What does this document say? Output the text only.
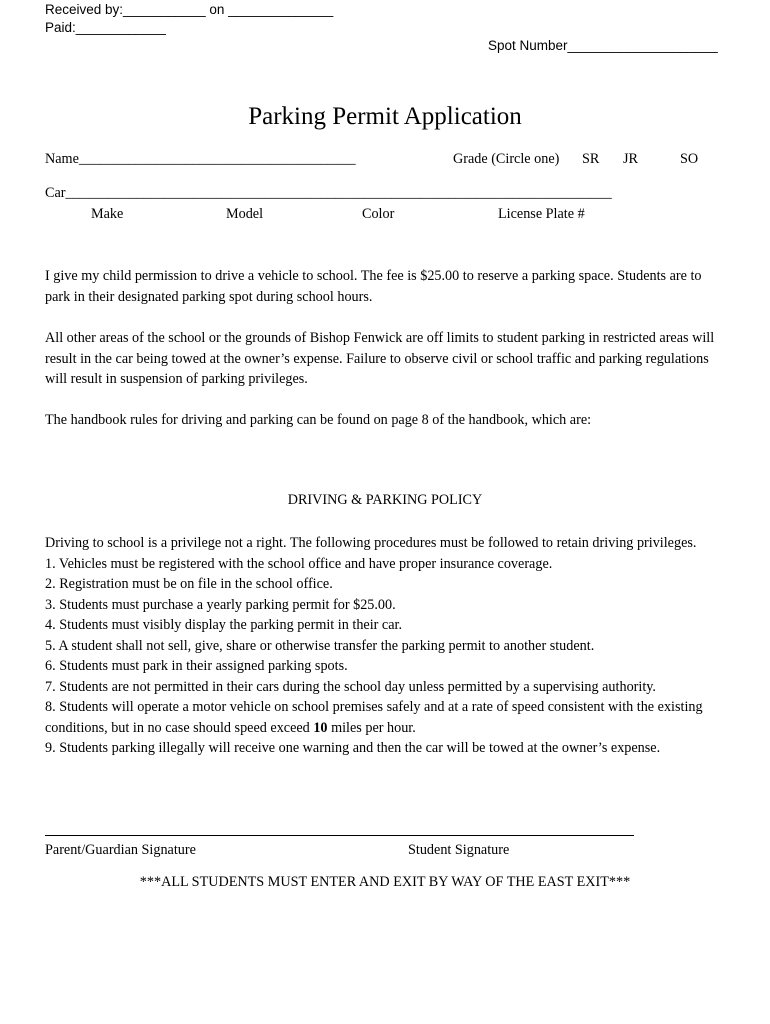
Received by:___________ on ______________
Paid:____________
Spot Number____________________
Parking Permit Application
Name_______________________________________	Grade (Circle one) SR JR	SO
Car_____________________________________________________________________________
Make	Model	Color	License Plate #

I give my child permission to drive a vehicle to school. The fee is $25.00 to reserve a parking space. Students are to park in their designated parking spot during school hours.

All other areas of the school or the grounds of Bishop Fenwick are off limits to student parking in restricted areas will result in the car being towed at the owner’s expense. Failure to observe civil or school traffic and parking regulations will result in suspension of parking privileges.

The handbook rules for driving and parking can be found on page 8 of the handbook, which are:

DRIVING & PARKING POLICY

Driving to school is a privilege not a right. The following procedures must be followed to retain driving privileges.

1. Vehicles must be registered with the school office and have proper insurance coverage.

2. Registration must be on file in the school office.

3. Students must purchase a yearly parking permit for $25.00.

4. Students must visibly display the parking permit in their car.

5. A student shall not sell, give, share or otherwise transfer the parking permit to another student.

6. Students must park in their assigned parking spots.

7. Students are not permitted in their cars during the school day unless permitted by a supervising authority.

8. Students will operate a motor vehicle on school premises safely and at a rate of speed consistent with the existing conditions, but in no case should speed exceed 10 miles per hour.

9. Students parking illegally will receive one warning and then the car will be towed at the owner’s expense.

Parent/Guardian Signature	Student Signature
***ALL STUDENTS MUST ENTER AND EXIT BY WAY OF THE EAST EXIT***
